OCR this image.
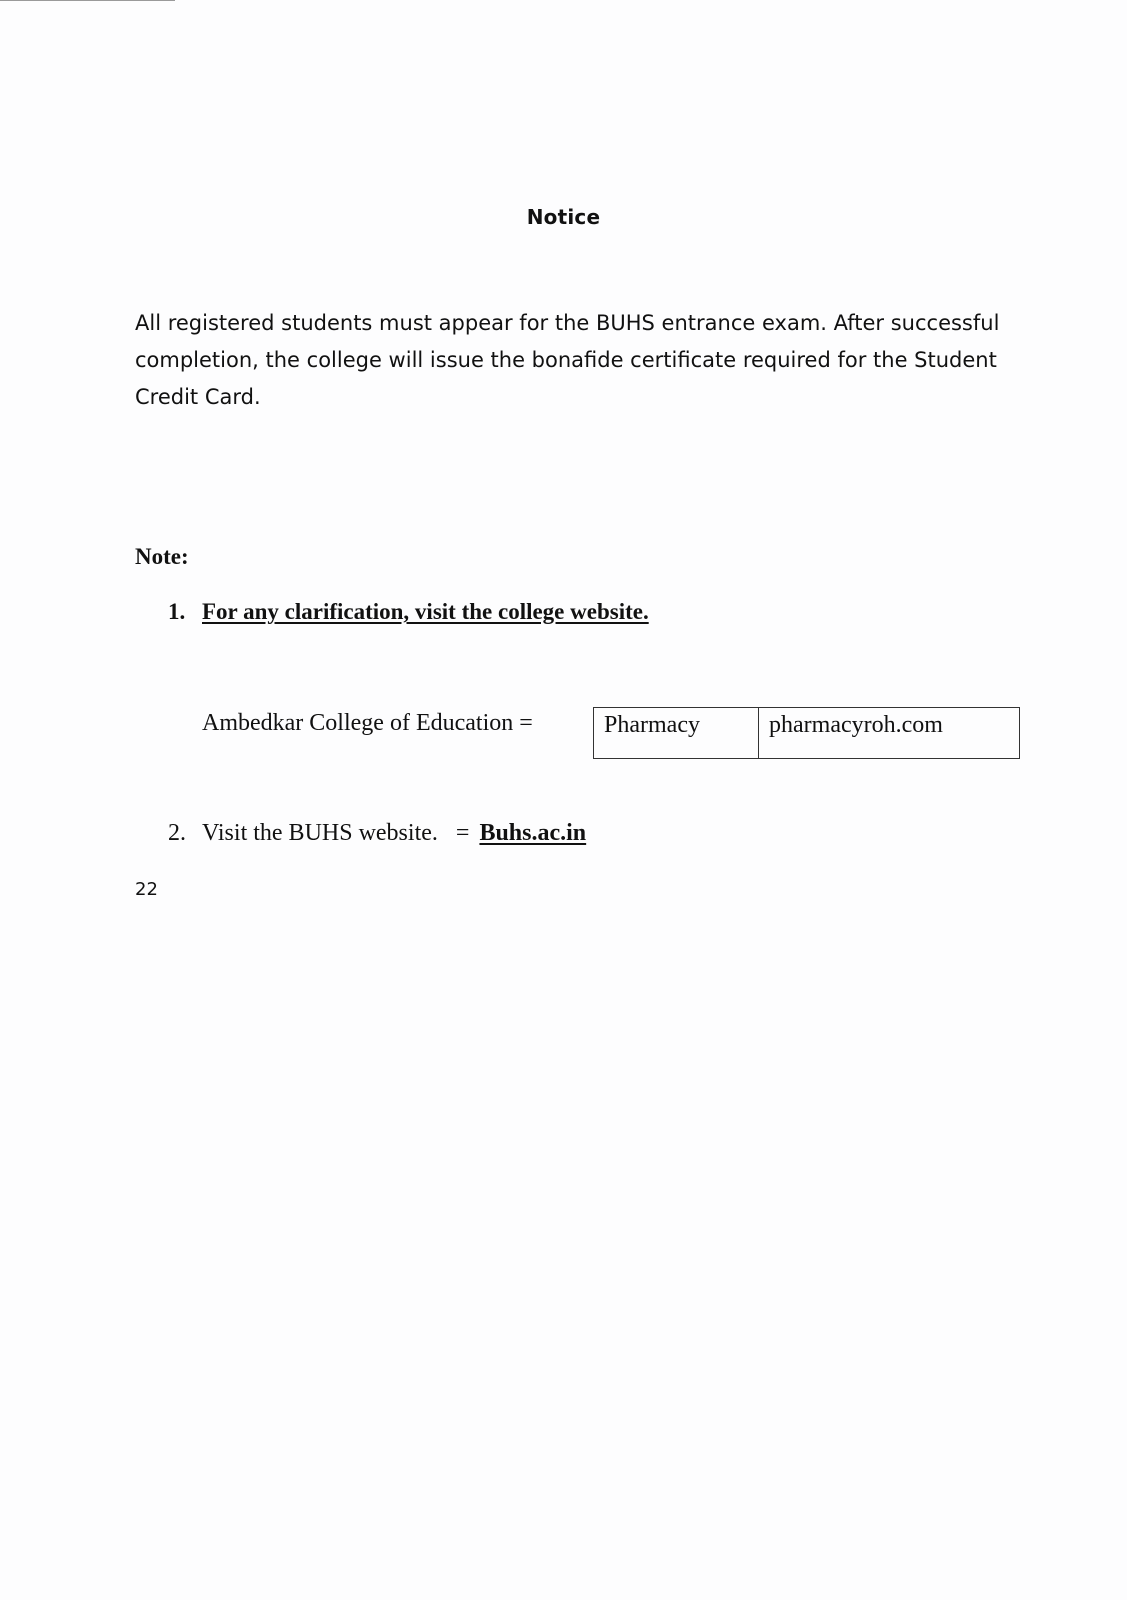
Notice
All registered students must appear for the BUHS entrance exam. After successful completion, the college will issue the bonafide certificate required for the Student Credit Card.
Note:
1. For any clarification, visit the college website.
Ambedkar College of Education =	Pharmacy	pharmacyroh.com
2. Visit the BUHS website. = Buhs.ac.in
22
